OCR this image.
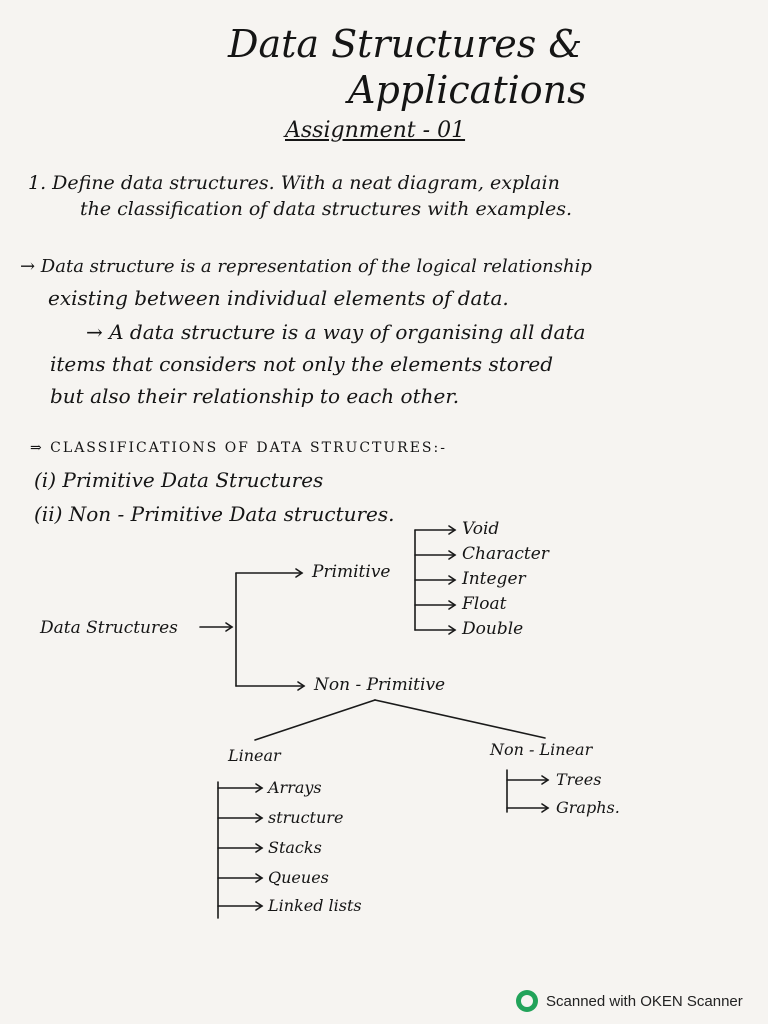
Data Structures &
Applications
Assignment - 01
1. Define data structures. With a neat diagram, explain
the classification of data structures with examples.
→ Data structure is a representation of the logical relationship
existing between individual elements of data.
→ A data structure is a way of organising all data
items that considers not only the elements stored
but also their relationship to each other.
⇒ CLASSIFICATIONS OF DATA STRUCTURES:-
(i) Primitive Data Structures
(ii) Non - Primitive Data structures.
Data Structures
Primitive
Void
Character
Integer
Float
Double
Non - Primitive
Linear
Arrays
structure
Stacks
Queues
Linked lists
Non - Linear
Trees
Graphs.
Scanned with OKEN Scanner
